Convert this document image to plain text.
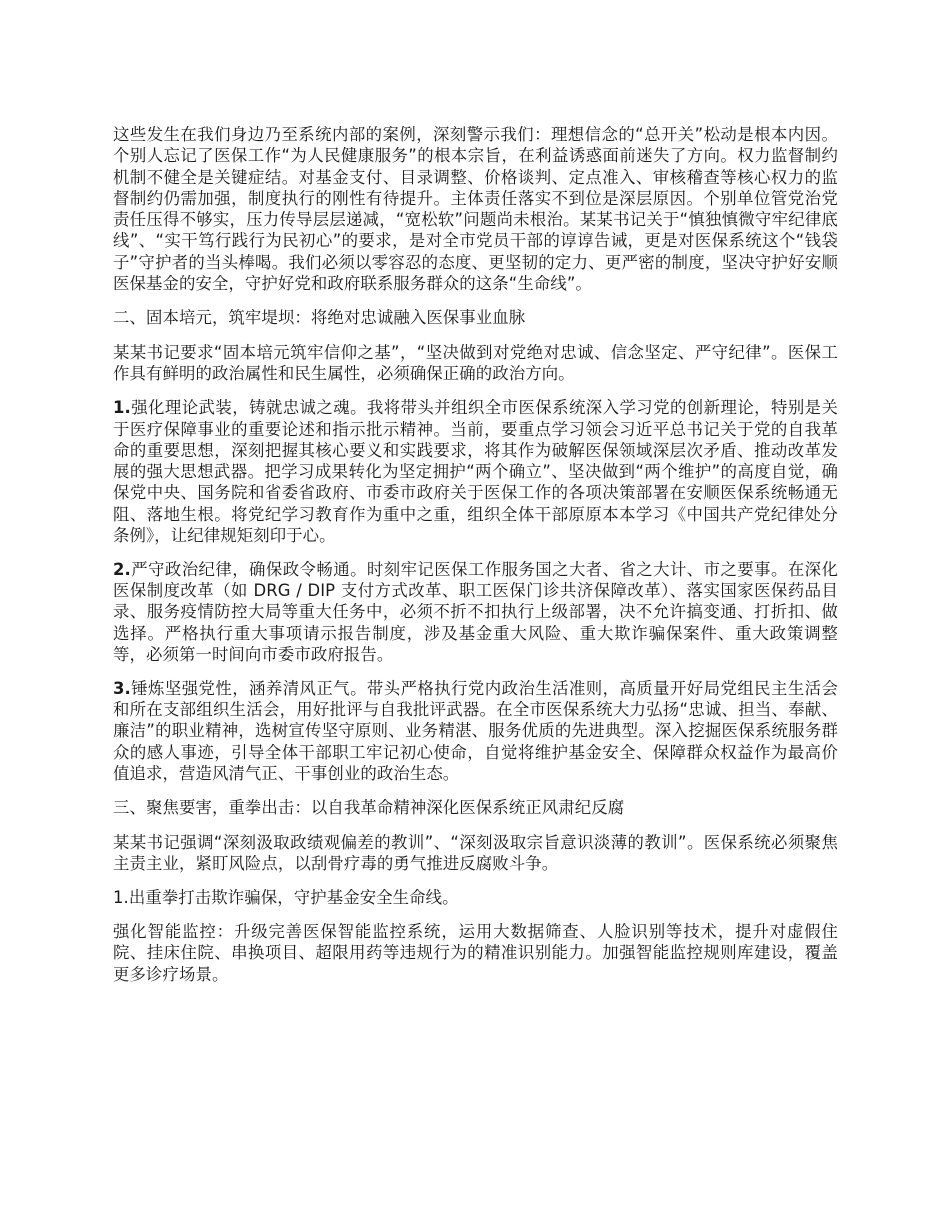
这些发生在我们身边乃至系统内部的案例，深刻警示我们：理想信念的“总开关”松动是根本内因。个别人忘记了医保工作“为人民健康服务”的根本宗旨，在利益诱惑面前迷失了方向。权力监督制约机制不健全是关键症结。对基金支付、目录调整、价格谈判、定点准入、审核稽查等核心权力的监督制约仍需加强，制度执行的刚性有待提升。主体责任落实不到位是深层原因。个别单位管党治党责任压得不够实，压力传导层层递减，“宽松软”问题尚未根治。某某书记关于“慎独慎微守牢纪律底线”、“实干笃行践行为民初心”的要求，是对全市党员干部的谆谆告诫，更是对医保系统这个“钱袋子”守护者的当头棒喝。我们必须以零容忍的态度、更坚韧的定力、更严密的制度，坚决守护好安顺医保基金的安全，守护好党和政府联系服务群众的这条“生命线”。

二、固本培元，筑牢堤坝：将绝对忠诚融入医保事业血脉

某某书记要求“固本培元筑牢信仰之基”，“坚决做到对党绝对忠诚、信念坚定、严守纪律”。医保工作具有鲜明的政治属性和民生属性，必须确保正确的政治方向。

1.强化理论武装，铸就忠诚之魂。我将带头并组织全市医保系统深入学习党的创新理论，特别是关于医疗保障事业的重要论述和指示批示精神。当前，要重点学习领会习近平总书记关于党的自我革命的重要思想，深刻把握其核心要义和实践要求，将其作为破解医保领域深层次矛盾、推动改革发展的强大思想武器。把学习成果转化为坚定拥护“两个确立”、坚决做到“两个维护”的高度自觉，确保党中央、国务院和省委省政府、市委市政府关于医保工作的各项决策部署在安顺医保系统畅通无阻、落地生根。将党纪学习教育作为重中之重，组织全体干部原原本本学习《中国共产党纪律处分条例》，让纪律规矩刻印于心。

2.严守政治纪律，确保政令畅通。时刻牢记医保工作服务国之大者、省之大计、市之要事。在深化医保制度改革（如 DRG / DIP 支付方式改革、职工医保门诊共济保障改革）、落实国家医保药品目录、服务疫情防控大局等重大任务中，必须不折不扣执行上级部署，决不允许搞变通、打折扣、做选择。严格执行重大事项请示报告制度，涉及基金重大风险、重大欺诈骗保案件、重大政策调整等，必须第一时间向市委市政府报告。

3.锤炼坚强党性，涵养清风正气。带头严格执行党内政治生活准则，高质量开好局党组民主生活会和所在支部组织生活会，用好批评与自我批评武器。在全市医保系统大力弘扬“忠诚、担当、奉献、廉洁”的职业精神，选树宣传坚守原则、业务精湛、服务优质的先进典型。深入挖掘医保系统服务群众的感人事迹，引导全体干部职工牢记初心使命，自觉将维护基金安全、保障群众权益作为最高价值追求，营造风清气正、干事创业的政治生态。

三、聚焦要害，重拳出击：以自我革命精神深化医保系统正风肃纪反腐

某某书记强调“深刻汲取政绩观偏差的教训”、“深刻汲取宗旨意识淡薄的教训”。医保系统必须聚焦主责主业，紧盯风险点，以刮骨疗毒的勇气推进反腐败斗争。

1.出重拳打击欺诈骗保，守护基金安全生命线。

强化智能监控：升级完善医保智能监控系统，运用大数据筛查、人脸识别等技术，提升对虚假住院、挂床住院、串换项目、超限用药等违规行为的精准识别能力。加强智能监控规则库建设，覆盖更多诊疗场景。
